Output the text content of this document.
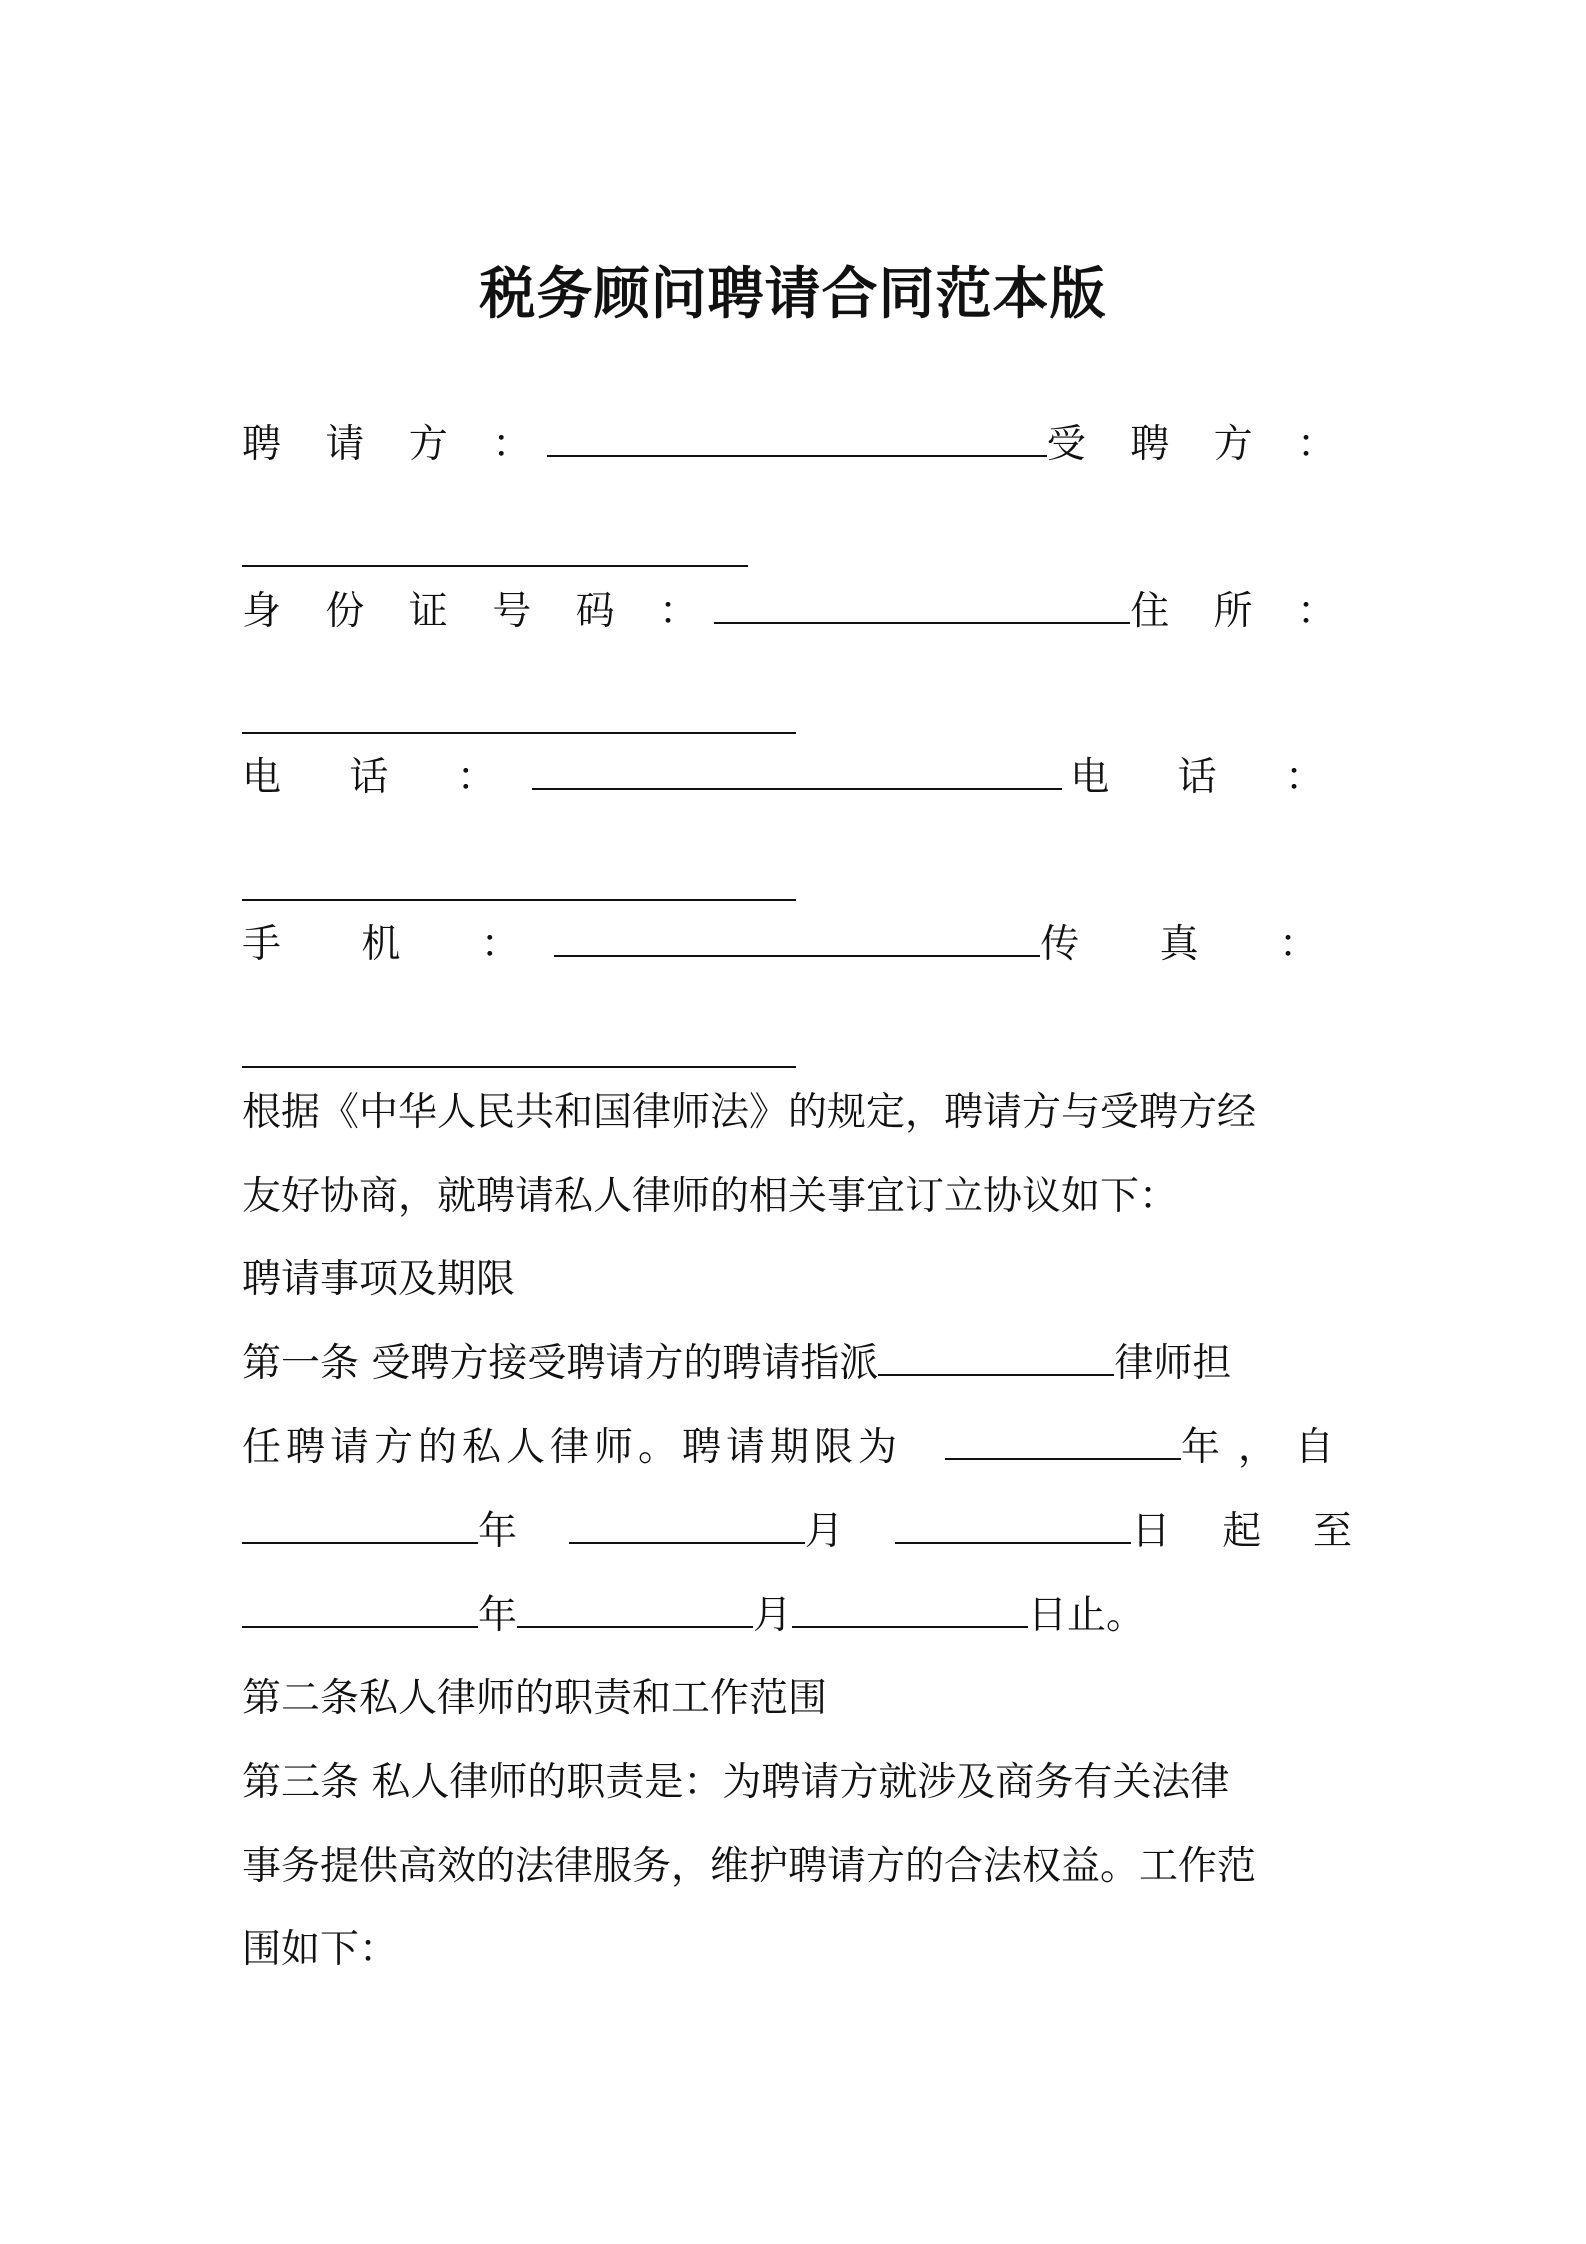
税务顾问聘请合同范本版
聘 请 方 ：	受 聘 方 ：
身 份 证 号 码 ：	住 所 ：
电 话 ：	电 话 ：
手 机 ：	传 真 ：
根据《中华人民共和国律师法》的规定，聘请方与受聘方经
友好协商，就聘请私人律师的相关事宜订立协议如下：
聘请事项及期限
第一条 受聘方接受聘请方的聘请指派	律师担
任聘请方的私人律师。聘请期限为	年，自
年	月	日 起 至
年	月	日止。
第二条私人律师的职责和工作范围
第三条 私人律师的职责是：为聘请方就涉及商务有关法律
事务提供高效的法律服务，维护聘请方的合法权益。工作范
围如下：
